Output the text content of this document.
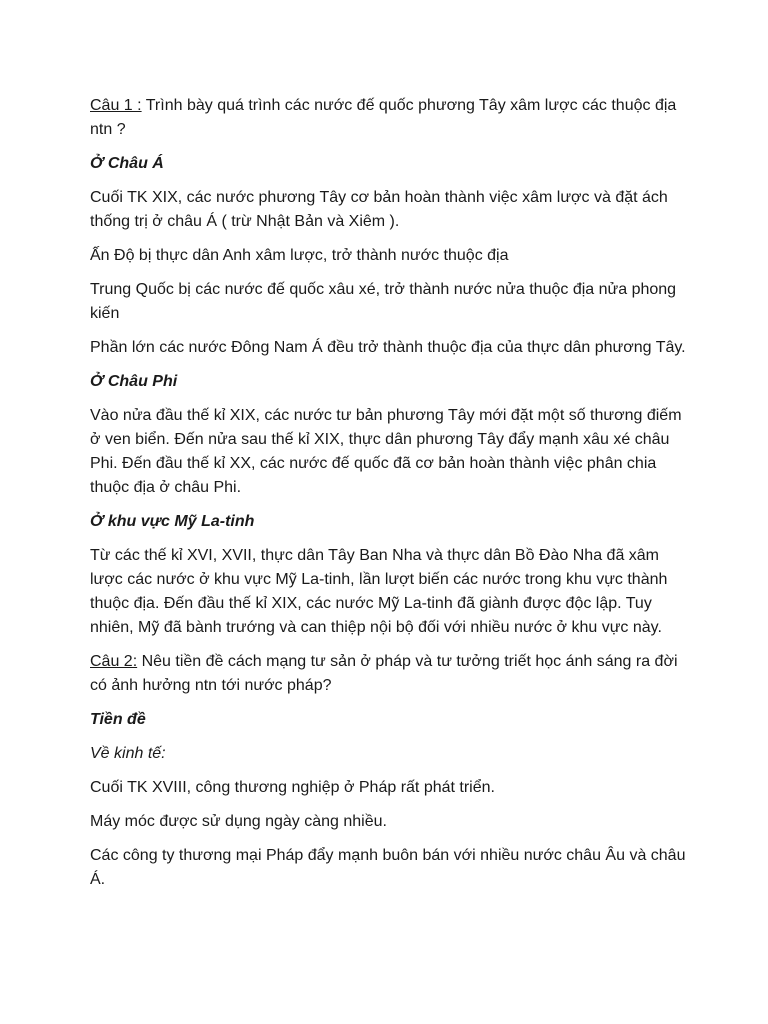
Câu 1 : Trình bày quá trình các nước đế quốc phương Tây xâm lược các thuộc địa ntn ?

Ở Châu Á

Cuối TK XIX, các nước phương Tây cơ bản hoàn thành việc xâm lược và đặt ách thống trị ở châu Á ( trừ Nhật Bản và Xiêm ).

Ấn Độ bị thực dân Anh xâm lược, trở thành nước thuộc địa

Trung Quốc bị các nước đế quốc xâu xé, trở thành nước nửa thuộc địa nửa phong kiến

Phần lớn các nước Đông Nam Á đều trở thành thuộc địa của thực dân phương Tây.

Ở Châu Phi

Vào nửa đầu thế kỉ XIX, các nước tư bản phương Tây mới đặt một số thương điếm ở ven biển. Đến nửa sau thế kỉ XIX, thực dân phương Tây đẩy mạnh xâu xé châu Phi. Đến đầu thế kỉ XX, các nước đế quốc đã cơ bản hoàn thành việc phân chia thuộc địa ở châu Phi.

Ở khu vực Mỹ La-tinh

Từ các thế kỉ XVI, XVII, thực dân Tây Ban Nha và thực dân Bồ Đào Nha đã xâm lược các nước ở khu vực Mỹ La-tinh, lần lượt biến các nước trong khu vực thành thuộc địa. Đến đầu thế kỉ XIX, các nước Mỹ La-tinh đã giành được độc lập. Tuy nhiên, Mỹ đã bành trướng và can thiệp nội bộ đối với nhiều nước ở khu vực này.

Câu 2: Nêu tiền đề cách mạng tư sản ở pháp và tư tưởng triết học ánh sáng ra đời có ảnh hưởng ntn tới nước pháp?

Tiền đề

Về kinh tế:

Cuối TK XVIII, công thương nghiệp ở Pháp rất phát triển.

Máy móc được sử dụng ngày càng nhiều.

Các công ty thương mại Pháp đẩy mạnh buôn bán với nhiều nước châu Âu và châu Á.
